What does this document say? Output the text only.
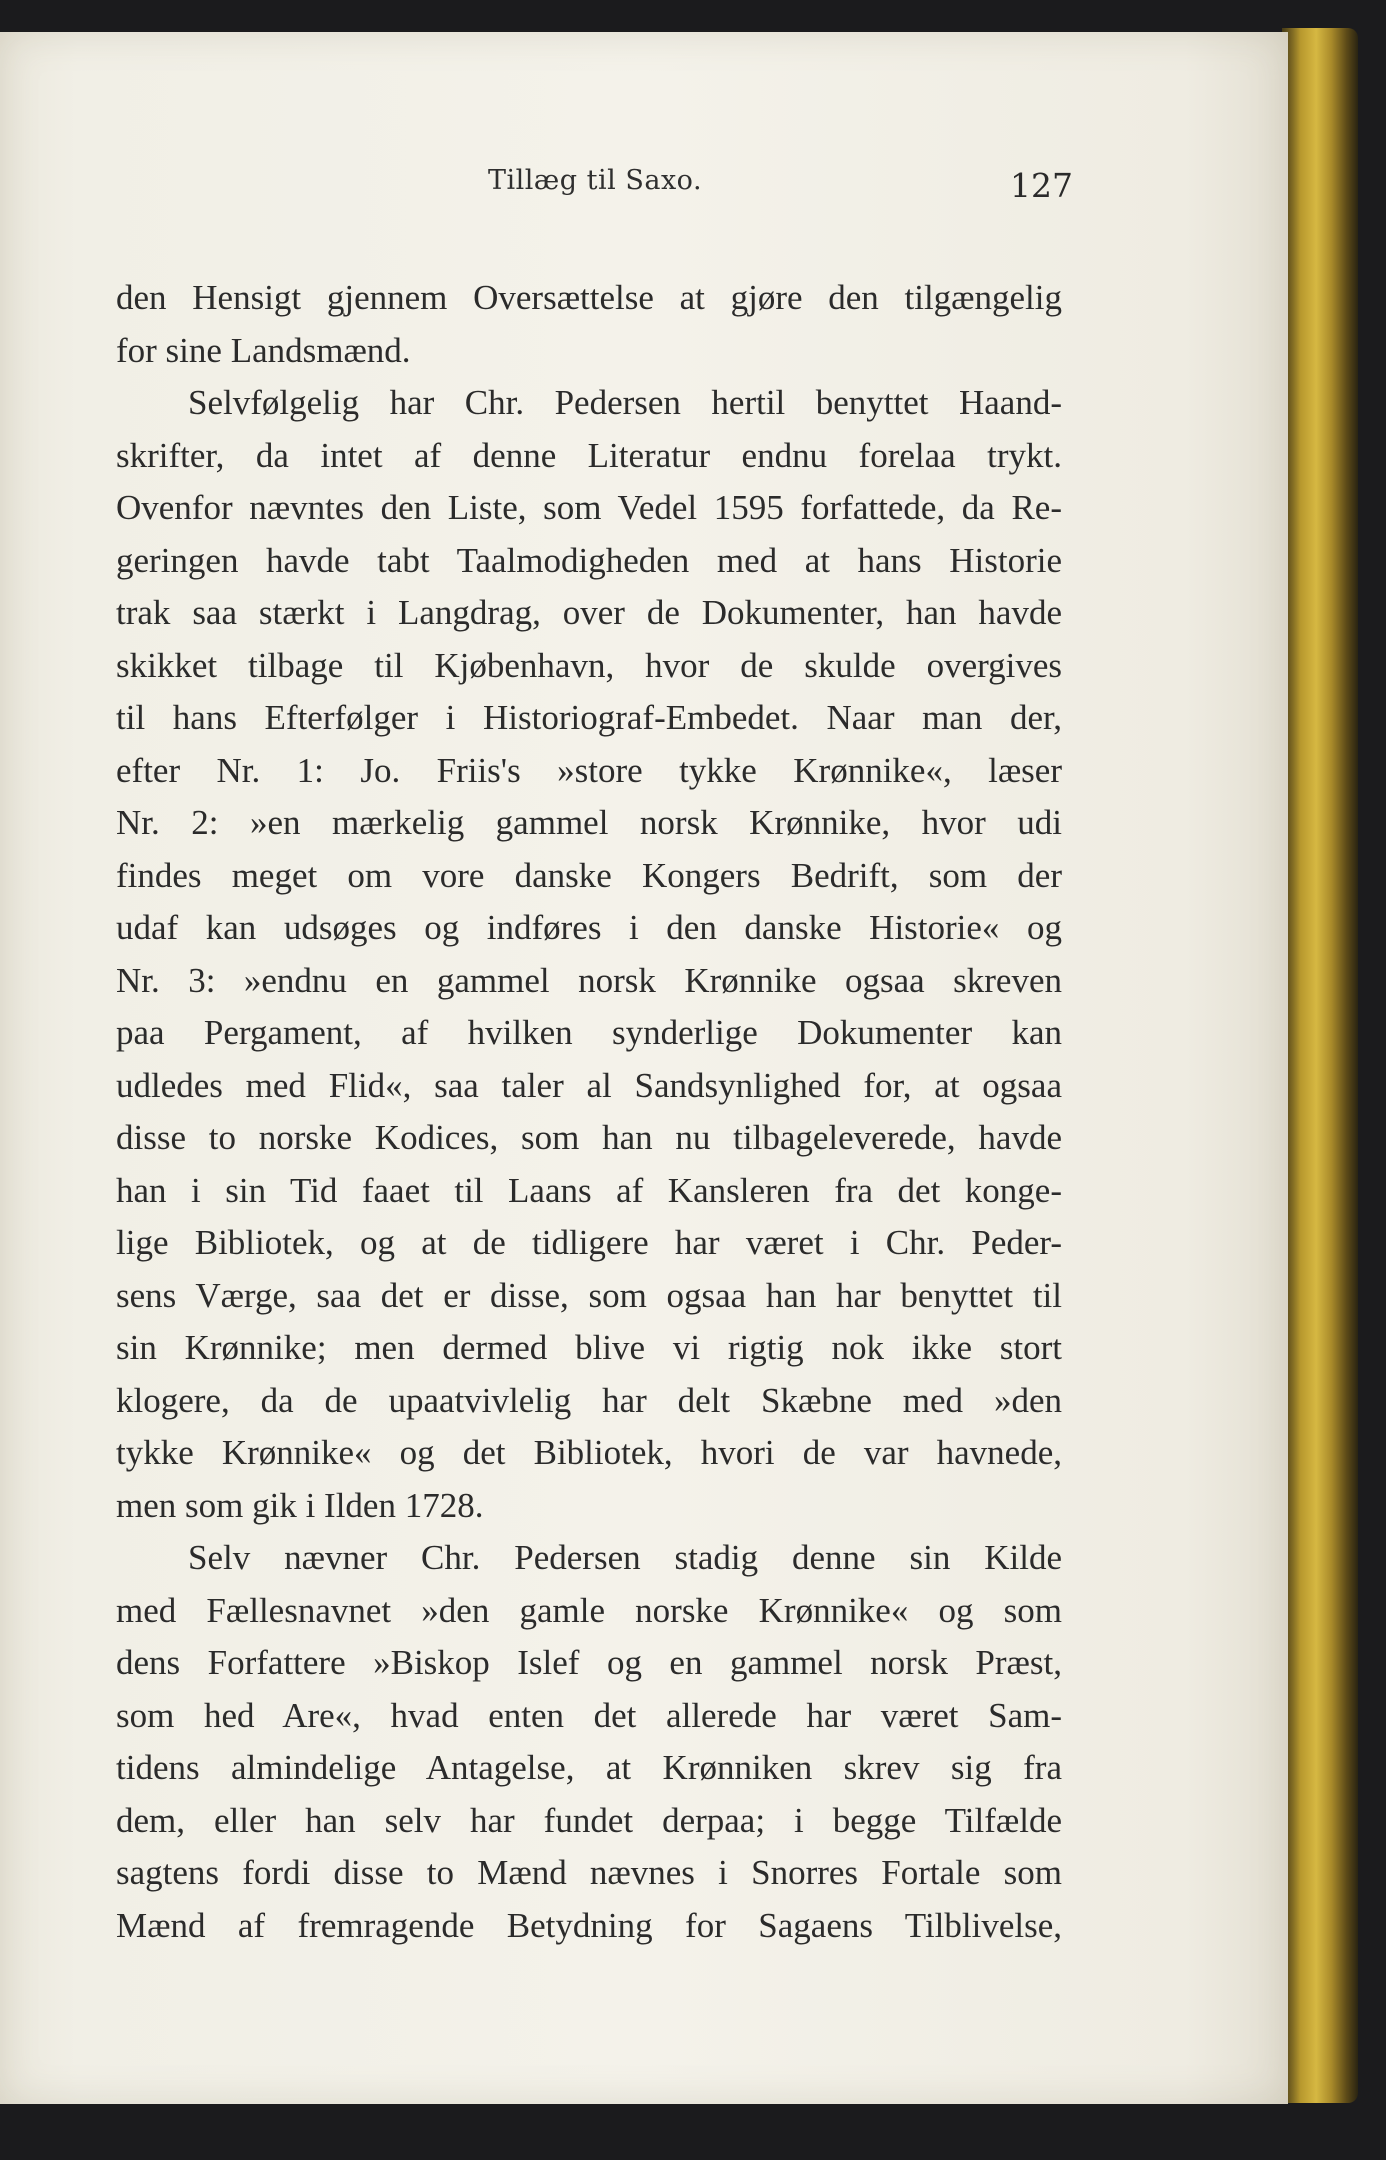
Tillæg til Saxo.	127
den Hensigt gjennem Oversættelse at gjøre den tilgængelig
for sine Landsmænd.
Selvfølgelig har Chr. Pedersen hertil benyttet Haand-
skrifter, da intet af denne Literatur endnu forelaa trykt.
Ovenfor nævntes den Liste, som Vedel 1595 forfattede, da Re-
geringen havde tabt Taalmodigheden med at hans Historie
trak saa stærkt i Langdrag, over de Dokumenter, han havde
skikket tilbage til Kjøbenhavn, hvor de skulde overgives
til hans Efterfølger i Historiograf-Embedet. Naar man der,
efter Nr. 1: Jo. Friis's »store tykke Krønnike«, læser
Nr. 2: »en mærkelig gammel norsk Krønnike, hvor udi
findes meget om vore danske Kongers Bedrift, som der
udaf kan udsøges og indføres i den danske Historie« og
Nr. 3: »endnu en gammel norsk Krønnike ogsaa skreven
paa Pergament, af hvilken synderlige Dokumenter kan
udledes med Flid«, saa taler al Sandsynlighed for, at ogsaa
disse to norske Kodices, som han nu tilbageleverede, havde
han i sin Tid faaet til Laans af Kansleren fra det konge-
lige Bibliotek, og at de tidligere har været i Chr. Peder-
sens Værge, saa det er disse, som ogsaa han har benyttet til
sin Krønnike; men dermed blive vi rigtig nok ikke stort
klogere, da de upaatvivlelig har delt Skæbne med »den
tykke Krønnike« og det Bibliotek, hvori de var havnede,
men som gik i Ilden 1728.
Selv nævner Chr. Pedersen stadig denne sin Kilde
med Fællesnavnet »den gamle norske Krønnike« og som
dens Forfattere »Biskop Islef og en gammel norsk Præst,
som hed Are«, hvad enten det allerede har været Sam-
tidens almindelige Antagelse, at Krønniken skrev sig fra
dem, eller han selv har fundet derpaa; i begge Tilfælde
sagtens fordi disse to Mænd nævnes i Snorres Fortale som
Mænd af fremragende Betydning for Sagaens Tilblivelse,
